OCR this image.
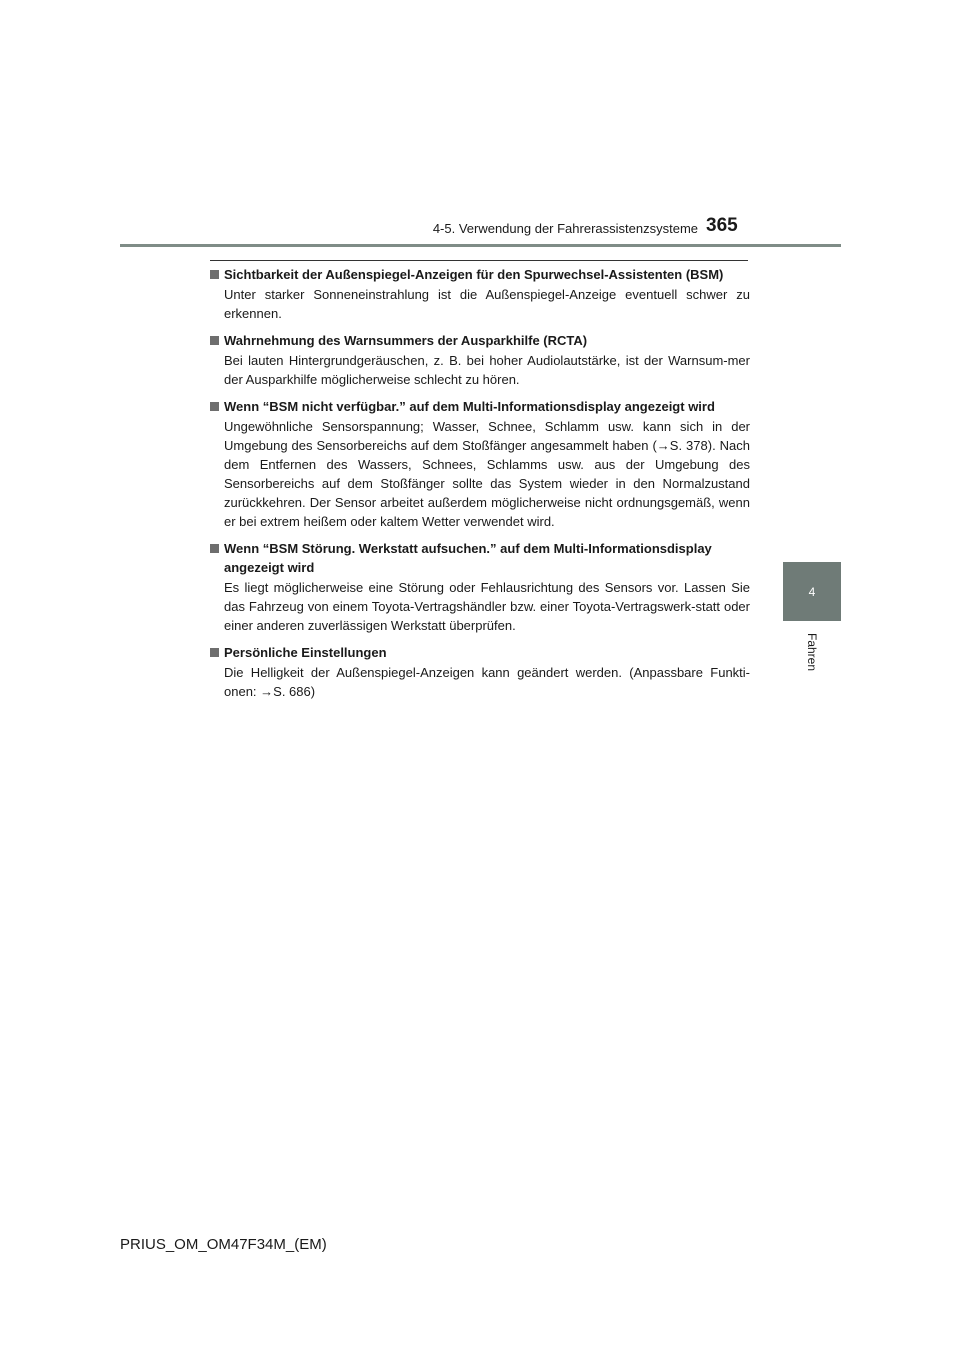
4-5. Verwendung der Fahrerassistenzsysteme 365
4
Fahren
Sichtbarkeit der Außenspiegel-Anzeigen für den Spurwechsel-Assistenten (BSM)
Unter starker Sonneneinstrahlung ist die Außenspiegel-Anzeige eventuell schwer zu erkennen.
Wahrnehmung des Warnsummers der Ausparkhilfe (RCTA)
Bei lauten Hintergrundgeräuschen, z. B. bei hoher Audiolautstärke, ist der Warnsum-mer der Ausparkhilfe möglicherweise schlecht zu hören.
Wenn “BSM nicht verfügbar.” auf dem Multi-Informationsdisplay angezeigt wird
Ungewöhnliche Sensorspannung; Wasser, Schnee, Schlamm usw. kann sich in der Umgebung des Sensorbereichs auf dem Stoßfänger angesammelt haben (→S. 378). Nach dem Entfernen des Wassers, Schnees, Schlamms usw. aus der Umgebung des Sensorbereichs auf dem Stoßfänger sollte das System wieder in den Normalzustand zurückkehren. Der Sensor arbeitet außerdem möglicherweise nicht ordnungsgemäß, wenn er bei extrem heißem oder kaltem Wetter verwendet wird.
Wenn “BSM Störung. Werkstatt aufsuchen.” auf dem Multi-Informationsdisplay angezeigt wird
Es liegt möglicherweise eine Störung oder Fehlausrichtung des Sensors vor. Lassen Sie das Fahrzeug von einem Toyota-Vertragshändler bzw. einer Toyota-Vertragswerk-statt oder einer anderen zuverlässigen Werkstatt überprüfen.
Persönliche Einstellungen
Die Helligkeit der Außenspiegel-Anzeigen kann geändert werden. (Anpassbare Funkti-onen: →S. 686)
PRIUS_OM_OM47F34M_(EM)
